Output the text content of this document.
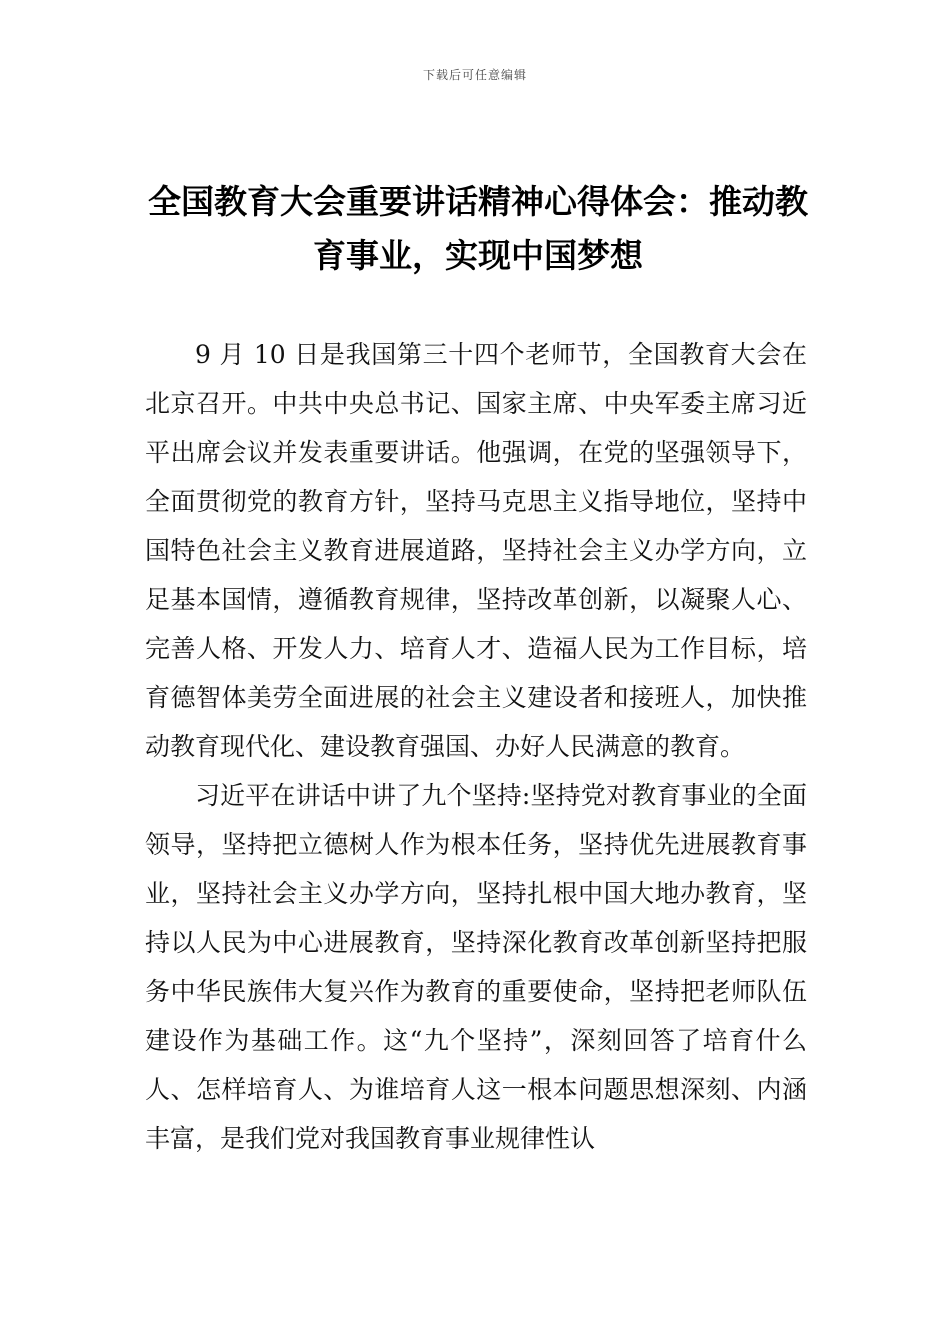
下载后可任意编辑
全国教育大会重要讲话精神心得体会：推动教育事业，实现中国梦想

9 月 10 日是我国第三十四个老师节，全国教育大会在北京召开。中共中央总书记、国家主席、中央军委主席习近平出席会议并发表重要讲话。他强调，在党的坚强领导下，全面贯彻党的教育方针，坚持马克思主义指导地位，坚持中国特色社会主义教育进展道路，坚持社会主义办学方向，立足基本国情，遵循教育规律，坚持改革创新，以凝聚人心、完善人格、开发人力、培育人才、造福人民为工作目标，培育德智体美劳全面进展的社会主义建设者和接班人，加快推动教育现代化、建设教育强国、办好人民满意的教育。

习近平在讲话中讲了九个坚持:坚持党对教育事业的全面领导，坚持把立德树人作为根本任务，坚持优先进展教育事业，坚持社会主义办学方向，坚持扎根中国大地办教育，坚持以人民为中心进展教育，坚持深化教育改革创新坚持把服务中华民族伟大复兴作为教育的重要使命，坚持把老师队伍建设作为基础工作。这“九个坚持”，深刻回答了培育什么人、怎样培育人、为谁培育人这一根本问题思想深刻、内涵丰富，是我们党对我国教育事业规律性认
